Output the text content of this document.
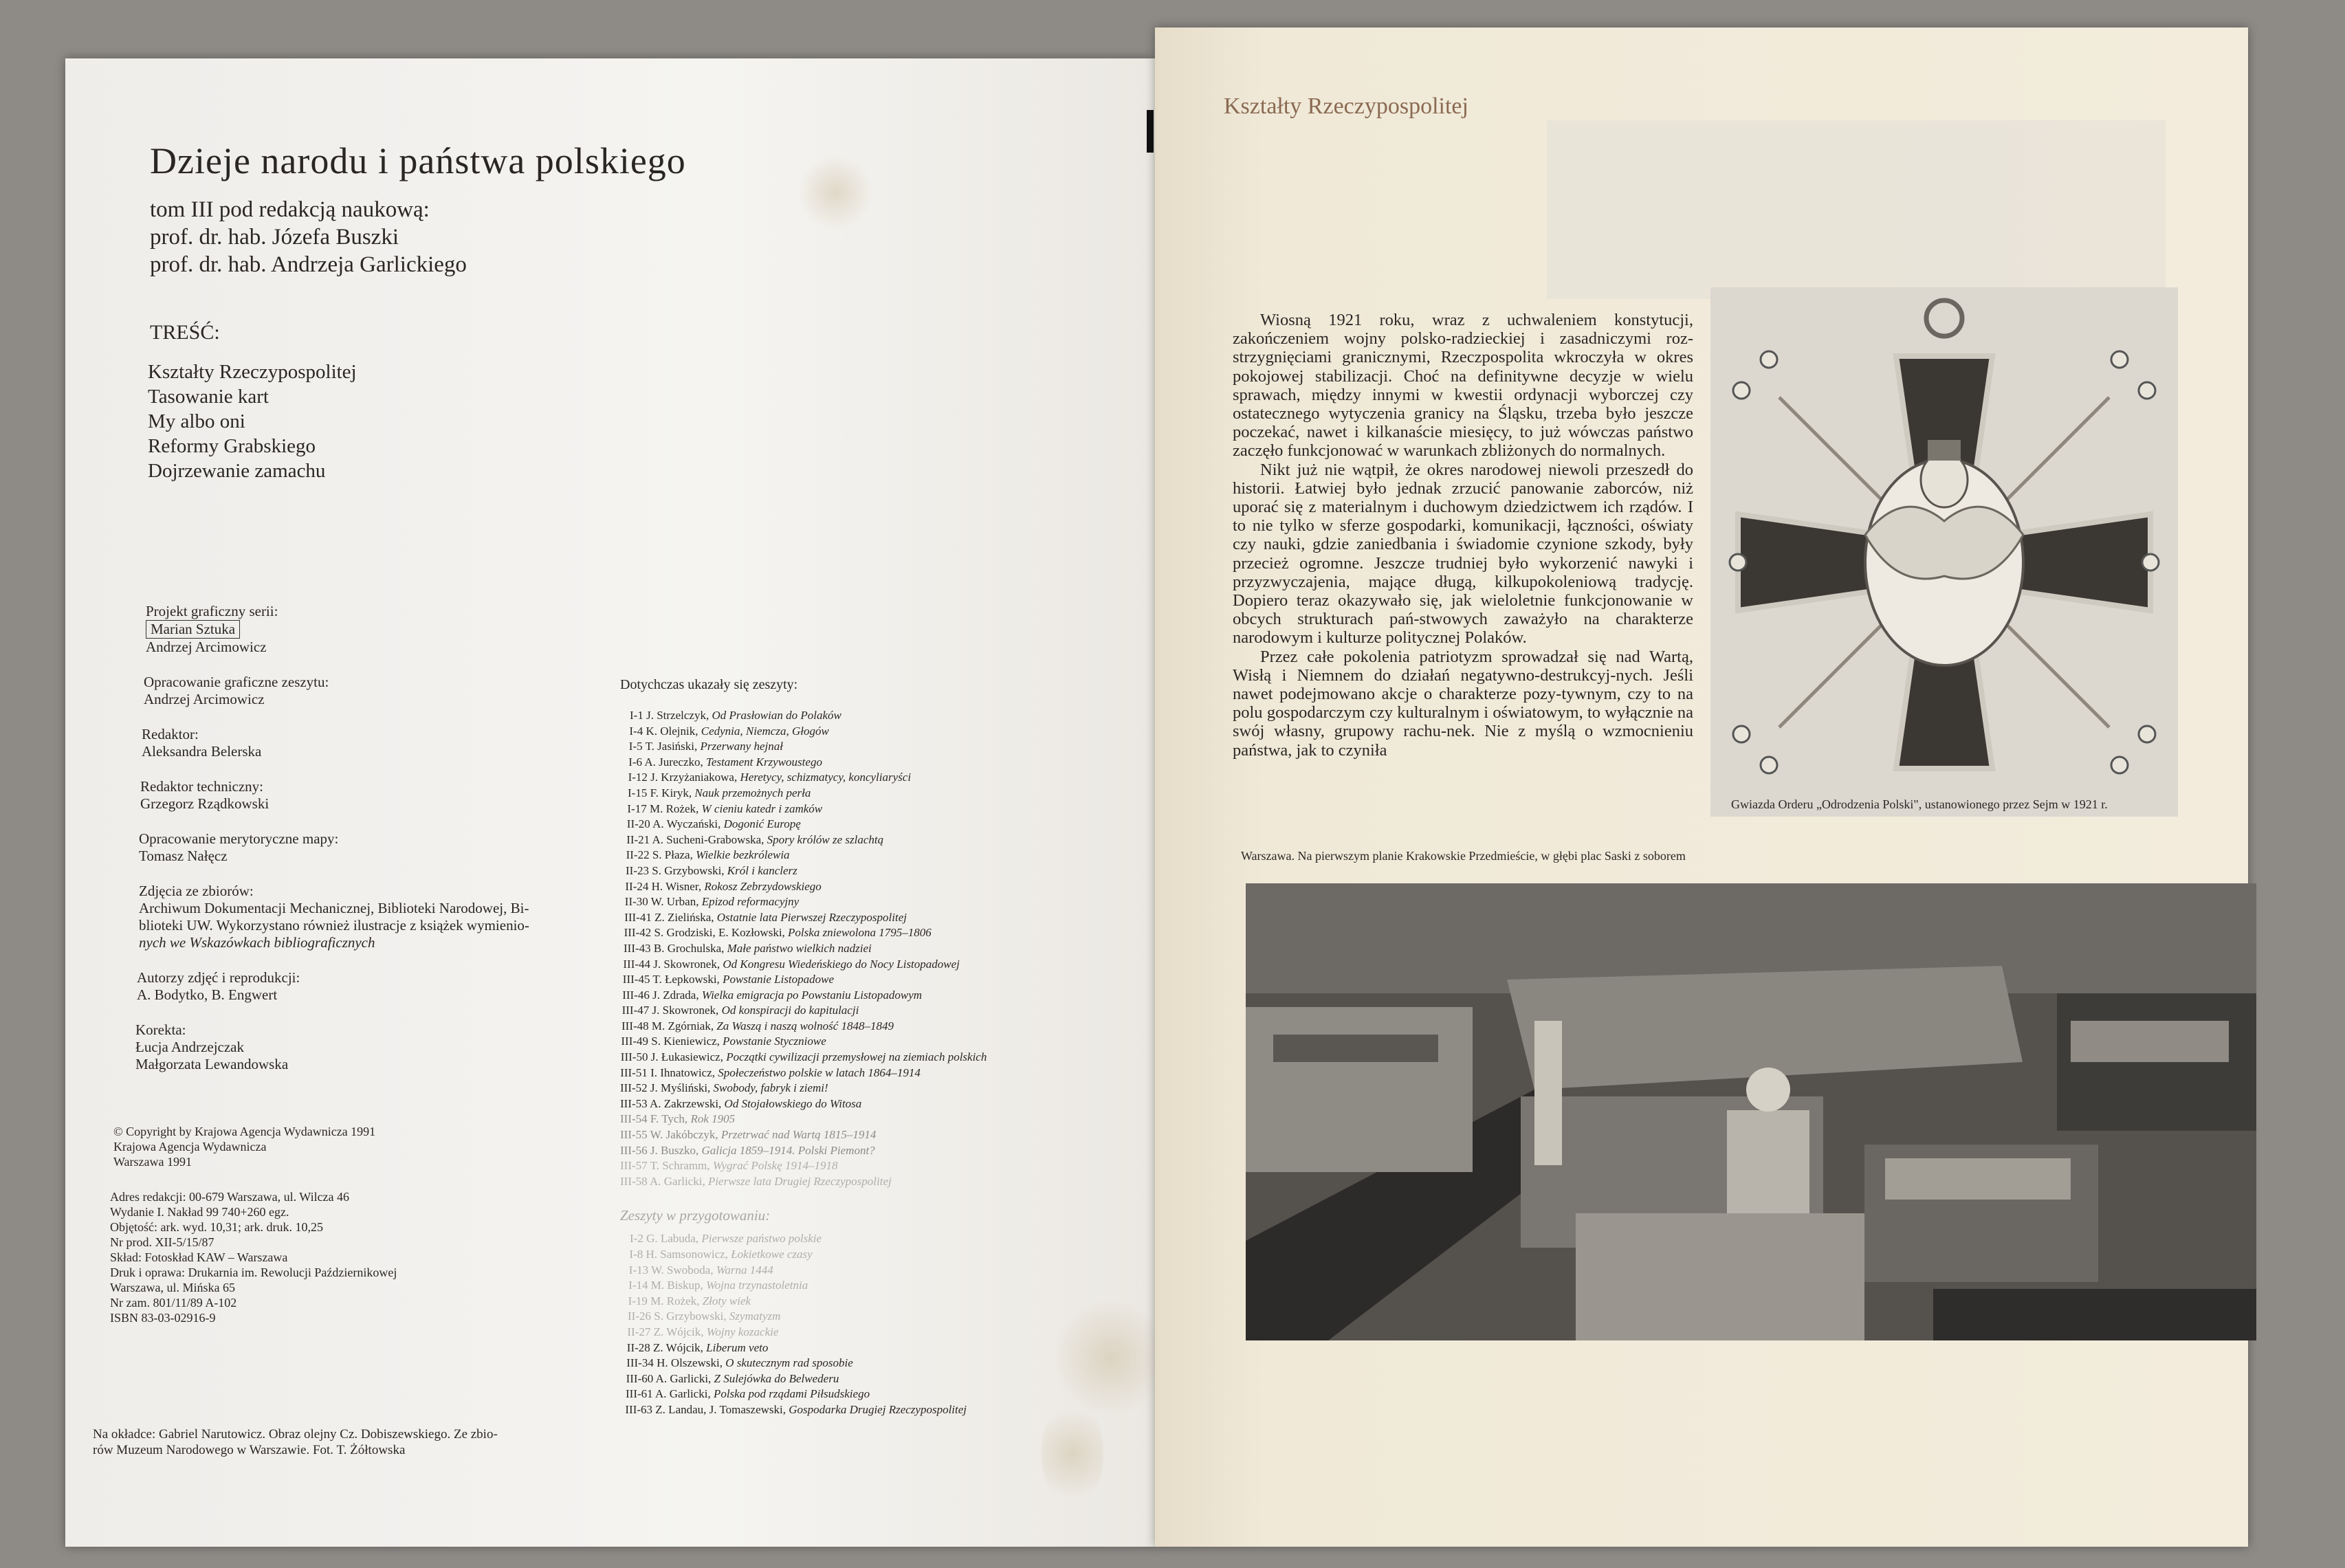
Dzieje narodu i państwa polskiego
tom III pod redakcją naukową:
prof. dr. hab. Józefa Buszki
prof. dr. hab. Andrzeja Garlickiego
TREŚĆ:
Kształty Rzeczypospolitej
Tasowanie kart
My albo oni
Reformy Grabskiego
Dojrzewanie zamachu
Projekt graficzny serii:
Marian Sztuka
Andrzej Arcimowicz
Opracowanie graficzne zeszytu:
Andrzej Arcimowicz
Redaktor:
Aleksandra Belerska
Redaktor techniczny:
Grzegorz Rządkowski
Opracowanie merytoryczne mapy:
Tomasz Nałęcz
Zdjęcia ze zbiorów:
Archiwum Dokumentacji Mechanicznej, Biblioteki Narodowej, Bi-
blioteki UW. Wykorzystano również ilustracje z książek wymienio-
nych we Wskazówkach bibliograficznych
Autorzy zdjęć i reprodukcji:
A. Bodytko, B. Engwert
Korekta:
Łucja Andrzejczak
Małgorzata Lewandowska
© Copyright by Krajowa Agencja Wydawnicza 1991
Krajowa Agencja Wydawnicza
Warszawa 1991
Adres redakcji: 00-679 Warszawa, ul. Wilcza 46
Wydanie I. Nakład 99 740+260 egz.
Objętość: ark. wyd. 10,31; ark. druk. 10,25
Nr prod. XII-5/15/87
Skład: Fotoskład KAW – Warszawa
Druk i oprawa: Drukarnia im. Rewolucji Październikowej
Warszawa, ul. Mińska 65
Nr zam. 801/11/89 A-102
ISBN 83-03-02916-9
Na okładce: Gabriel Narutowicz. Obraz olejny Cz. Dobiszewskiego. Ze zbio-
rów Muzeum Narodowego w Warszawie. Fot. T. Żółtowska
Dotychczas ukazały się zeszyty:
I-1 J. Strzelczyk, Od Prasłowian do Polaków
I-4 K. Olejnik, Cedynia, Niemcza, Głogów
I-5 T. Jasiński, Przerwany hejnał
I-6 A. Jureczko, Testament Krzywoustego
I-12 J. Krzyżaniakowa, Heretycy, schizmatycy, koncyliaryści
I-15 F. Kiryk, Nauk przemożnych perła
I-17 M. Rożek, W cieniu katedr i zamków
II-20 A. Wyczański, Dogonić Europę
II-21 A. Sucheni-Grabowska, Spory królów ze szlachtą
II-22 S. Płaza, Wielkie bezkrólewia
II-23 S. Grzybowski, Król i kanclerz
II-24 H. Wisner, Rokosz Zebrzydowskiego
II-30 W. Urban, Epizod reformacyjny
III-41 Z. Zielińska, Ostatnie lata Pierwszej Rzeczypospolitej
III-42 S. Grodziski, E. Kozłowski, Polska zniewolona 1795–1806
III-43 B. Grochulska, Małe państwo wielkich nadziei
III-44 J. Skowronek, Od Kongresu Wiedeńskiego do Nocy Listopadowej
III-45 T. Łepkowski, Powstanie Listopadowe
III-46 J. Zdrada, Wielka emigracja po Powstaniu Listopadowym
III-47 J. Skowronek, Od konspiracji do kapitulacji
III-48 M. Zgórniak, Za Waszą i naszą wolność 1848–1849
III-49 S. Kieniewicz, Powstanie Styczniowe
III-50 J. Łukasiewicz, Początki cywilizacji przemysłowej na ziemiach polskich
III-51 I. Ihnatowicz, Społeczeństwo polskie w latach 1864–1914
III-52 J. Myśliński, Swobody, fabryk i ziemi!
III-53 A. Zakrzewski, Od Stojałowskiego do Witosa
III-54 F. Tych, Rok 1905
III-55 W. Jakóbczyk, Przetrwać nad Wartą 1815–1914
III-56 J. Buszko, Galicja 1859–1914. Polski Piemont?
III-57 T. Schramm, Wygrać Polskę 1914–1918
III-58 A. Garlicki, Pierwsze lata Drugiej Rzeczypospolitej
Zeszyty w przygotowaniu:
I-2 G. Labuda, Pierwsze państwo polskie
I-8 H. Samsonowicz, Łokietkowe czasy
I-13 W. Swoboda, Warna 1444
I-14 M. Biskup, Wojna trzynastoletnia
I-19 M. Rożek, Złoty wiek
II-26 S. Grzybowski, Szymatyzm
II-27 Z. Wójcik, Wojny kozackie
II-28 Z. Wójcik, Liberum veto
III-34 H. Olszewski, O skutecznym rad sposobie
III-60 A. Garlicki, Z Sulejówka do Belwederu
III-61 A. Garlicki, Polska pod rządami Piłsudskiego
III-63 Z. Landau, J. Tomaszewski, Gospodarka Drugiej Rzeczypospolitej
Kształty Rzeczypospolitej

Wiosną 1921 roku, wraz z uchwaleniem konstytucji, zakończeniem wojny polsko-radzieckiej i zasadniczymi roz-strzygnięciami granicznymi, Rzeczpospolita wkroczyła w okres pokojowej stabilizacji. Choć na definitywne decyzje w wielu sprawach, między innymi w kwestii ordynacji wyborczej czy ostatecznego wytyczenia granicy na Śląsku, trzeba było jeszcze poczekać, nawet i kilkanaście miesięcy, to już wówczas państwo zaczęło funkcjonować w warunkach zbliżonych do normalnych.

Nikt już nie wątpił, że okres narodowej niewoli przeszedł do historii. Łatwiej było jednak zrzucić panowanie zaborców, niż uporać się z materialnym i duchowym dziedzictwem ich rządów. I to nie tylko w sferze gospodarki, komunikacji, łączności, oświaty czy nauki, gdzie zaniedbania i świadomie czynione szkody, były przecież ogromne. Jeszcze trudniej było wykorzenić nawyki i przyzwyczajenia, mające długą, kilkupokoleniową tradycję. Dopiero teraz okazywało się, jak wieloletnie funkcjonowanie w obcych strukturach pań-stwowych zaważyło na charakterze narodowym i kulturze politycznej Polaków.

Przez całe pokolenia patriotyzm sprowadzał się nad Wartą, Wisłą i Niemnem do działań negatywno-destrukcyj-nych. Jeśli nawet podejmowano akcje o charakterze pozy-tywnym, czy to na polu gospodarczym czy kulturalnym i oświatowym, to wyłącznie na swój własny, grupowy rachu-nek. Nie z myślą o wzmocnieniu państwa, jak to czyniła

Gwiazda Orderu „Odrodzenia Polski", ustanowionego przez Sejm w 1921 r.
Warszawa. Na pierwszym planie Krakowskie Przedmieście, w głębi plac Saski z soborem
